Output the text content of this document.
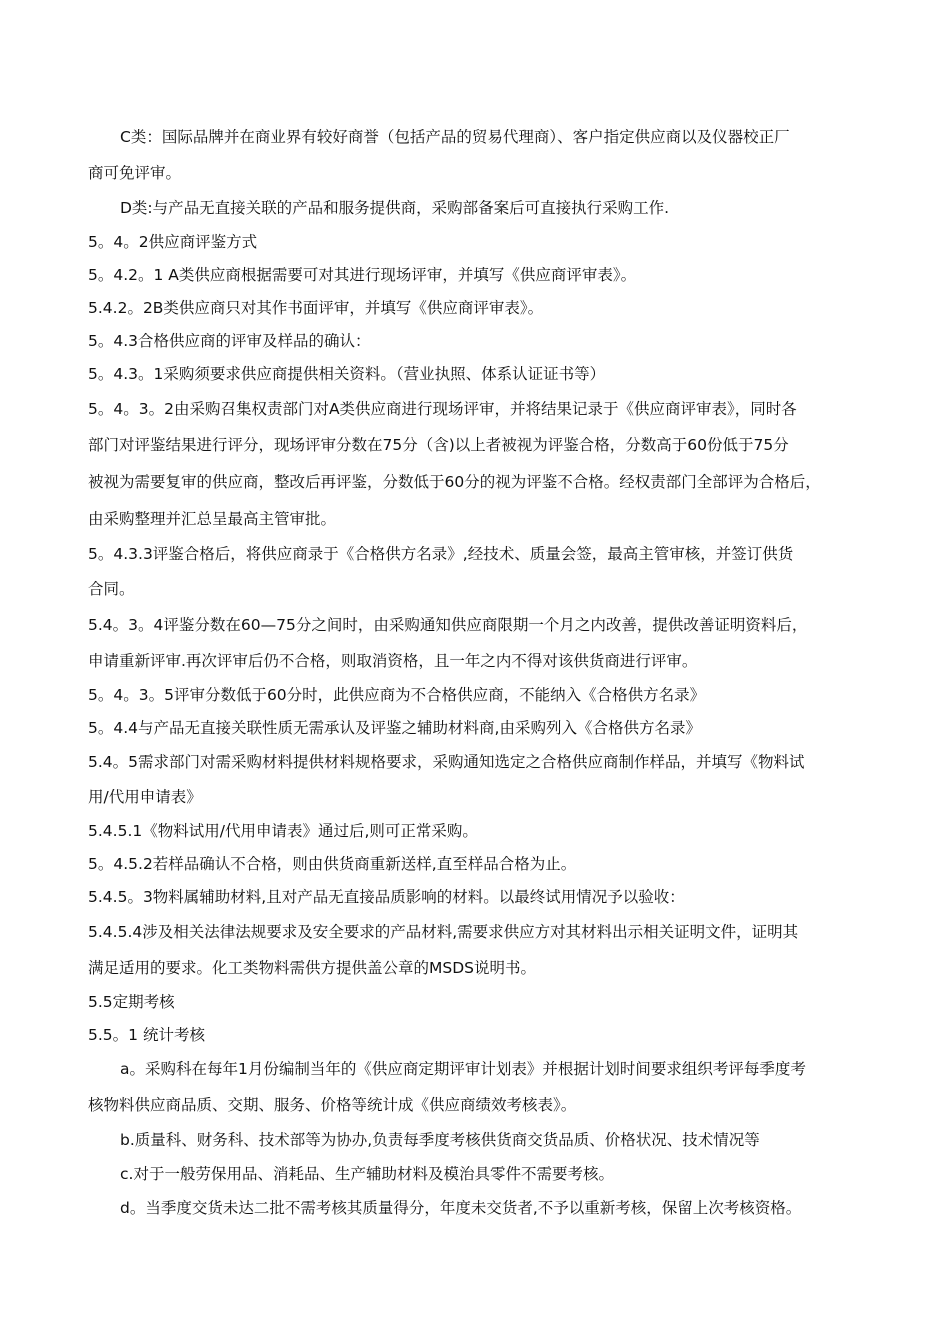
C类：国际品牌并在商业界有较好商誉（包括产品的贸易代理商）、客户指定供应商以及仪器校正厂
商可免评审。
D类:与产品无直接关联的产品和服务提供商，采购部备案后可直接执行采购工作.
5。4。2供应商评鉴方式
5。4.2。1 A类供应商根据需要可对其进行现场评审，并填写《供应商评审表》。
5.4.2。2B类供应商只对其作书面评审，并填写《供应商评审表》。
5。4.3合格供应商的评审及样品的确认：
5。4.3。1采购须要求供应商提供相关资料。（营业执照、体系认证证书等）
5。4。3。2由采购召集权责部门对A类供应商进行现场评审，并将结果记录于《供应商评审表》，同时各
部门对评鉴结果进行评分，现场评审分数在75分（含)以上者被视为评鉴合格，分数高于60份低于75分
被视为需要复审的供应商，整改后再评鉴，分数低于60分的视为评鉴不合格。经权责部门全部评为合格后，
由采购整理并汇总呈最高主管审批。
5。4.3.3评鉴合格后，将供应商录于《合格供方名录》,经技术、质量会签，最高主管审核，并签订供货
合同。
5.4。3。4评鉴分数在60—75分之间时，由采购通知供应商限期一个月之内改善，提供改善证明资料后，
申请重新评审.再次评审后仍不合格，则取消资格，且一年之内不得对该供货商进行评审。
5。4。3。5评审分数低于60分时，此供应商为不合格供应商，不能纳入《合格供方名录》
5。4.4与产品无直接关联性质无需承认及评鉴之辅助材料商,由采购列入《合格供方名录》
5.4。5需求部门对需采购材料提供材料规格要求，采购通知选定之合格供应商制作样品，并填写《物料试
用/代用申请表》
5.4.5.1《物料试用/代用申请表》通过后,则可正常采购。
5。4.5.2若样品确认不合格，则由供货商重新送样,直至样品合格为止。
5.4.5。3物料属辅助材料,且对产品无直接品质影响的材料。以最终试用情况予以验收：
5.4.5.4涉及相关法律法规要求及安全要求的产品材料,需要求供应方对其材料出示相关证明文件，证明其
满足适用的要求。化工类物料需供方提供盖公章的MSDS说明书。
5.5定期考核
5.5。1 统计考核
a。采购科在每年1月份编制当年的《供应商定期评审计划表》并根据计划时间要求组织考评每季度考
核物料供应商品质、交期、服务、价格等统计成《供应商绩效考核表》。
b.质量科、财务科、技术部等为协办,负责每季度考核供货商交货品质、价格状况、技术情况等
c.对于一般劳保用品、消耗品、生产辅助材料及模治具零件不需要考核。
d。当季度交货未达二批不需考核其质量得分，年度未交货者,不予以重新考核，保留上次考核资格。
